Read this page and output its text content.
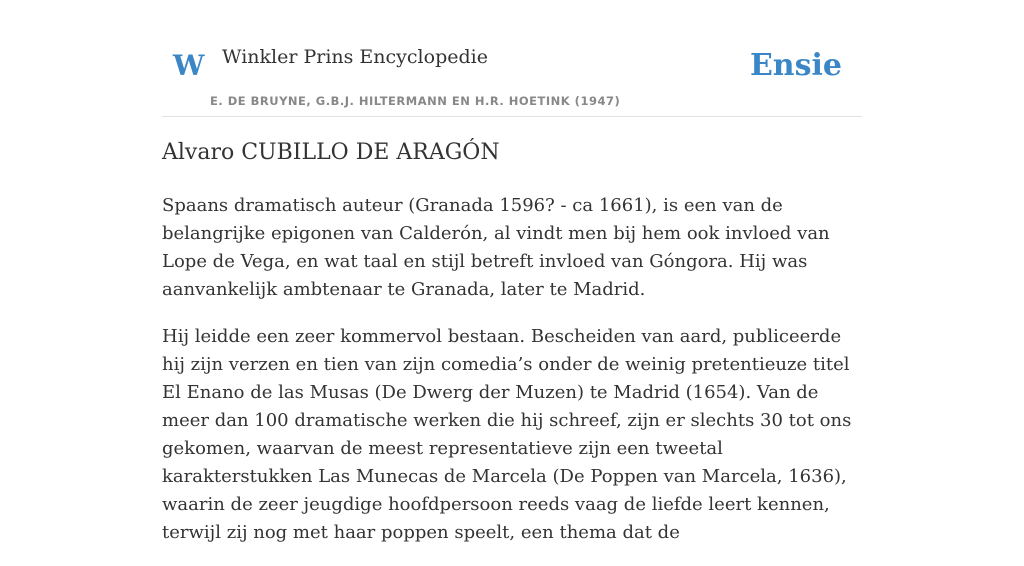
W Winkler Prins Encyclopedie
E. DE BRUYNE, G.B.J. HILTERMANN EN H.R. HOETINK (1947)
Ensie
Alvaro CUBILLO DE ARAGÓN

Spaans dramatisch auteur (Granada 1596? - ca 1661), is een van de belangrijke epigonen van Calderón, al vindt men bij hem ook invloed van Lope de Vega, en wat taal en stijl betreft invloed van Góngora. Hij was aanvankelijk ambtenaar te Granada, later te Madrid.

Hij leidde een zeer kommervol bestaan. Bescheiden van aard, publiceerde hij zijn verzen en tien van zijn comedia’s onder de weinig pretentieuze titel El Enano de las Musas (De Dwerg der Muzen) te Madrid (1654). Van de meer dan 100 dramatische werken die hij schreef, zijn er slechts 30 tot ons gekomen, waarvan de meest representatieve zijn een tweetal karakterstukken Las Munecas de Marcela (De Poppen van Marcela, 1636), waarin de zeer jeugdige hoofdpersoon reeds vaag de liefde leert kennen, terwijl zij nog met haar poppen speelt, een thema dat de
